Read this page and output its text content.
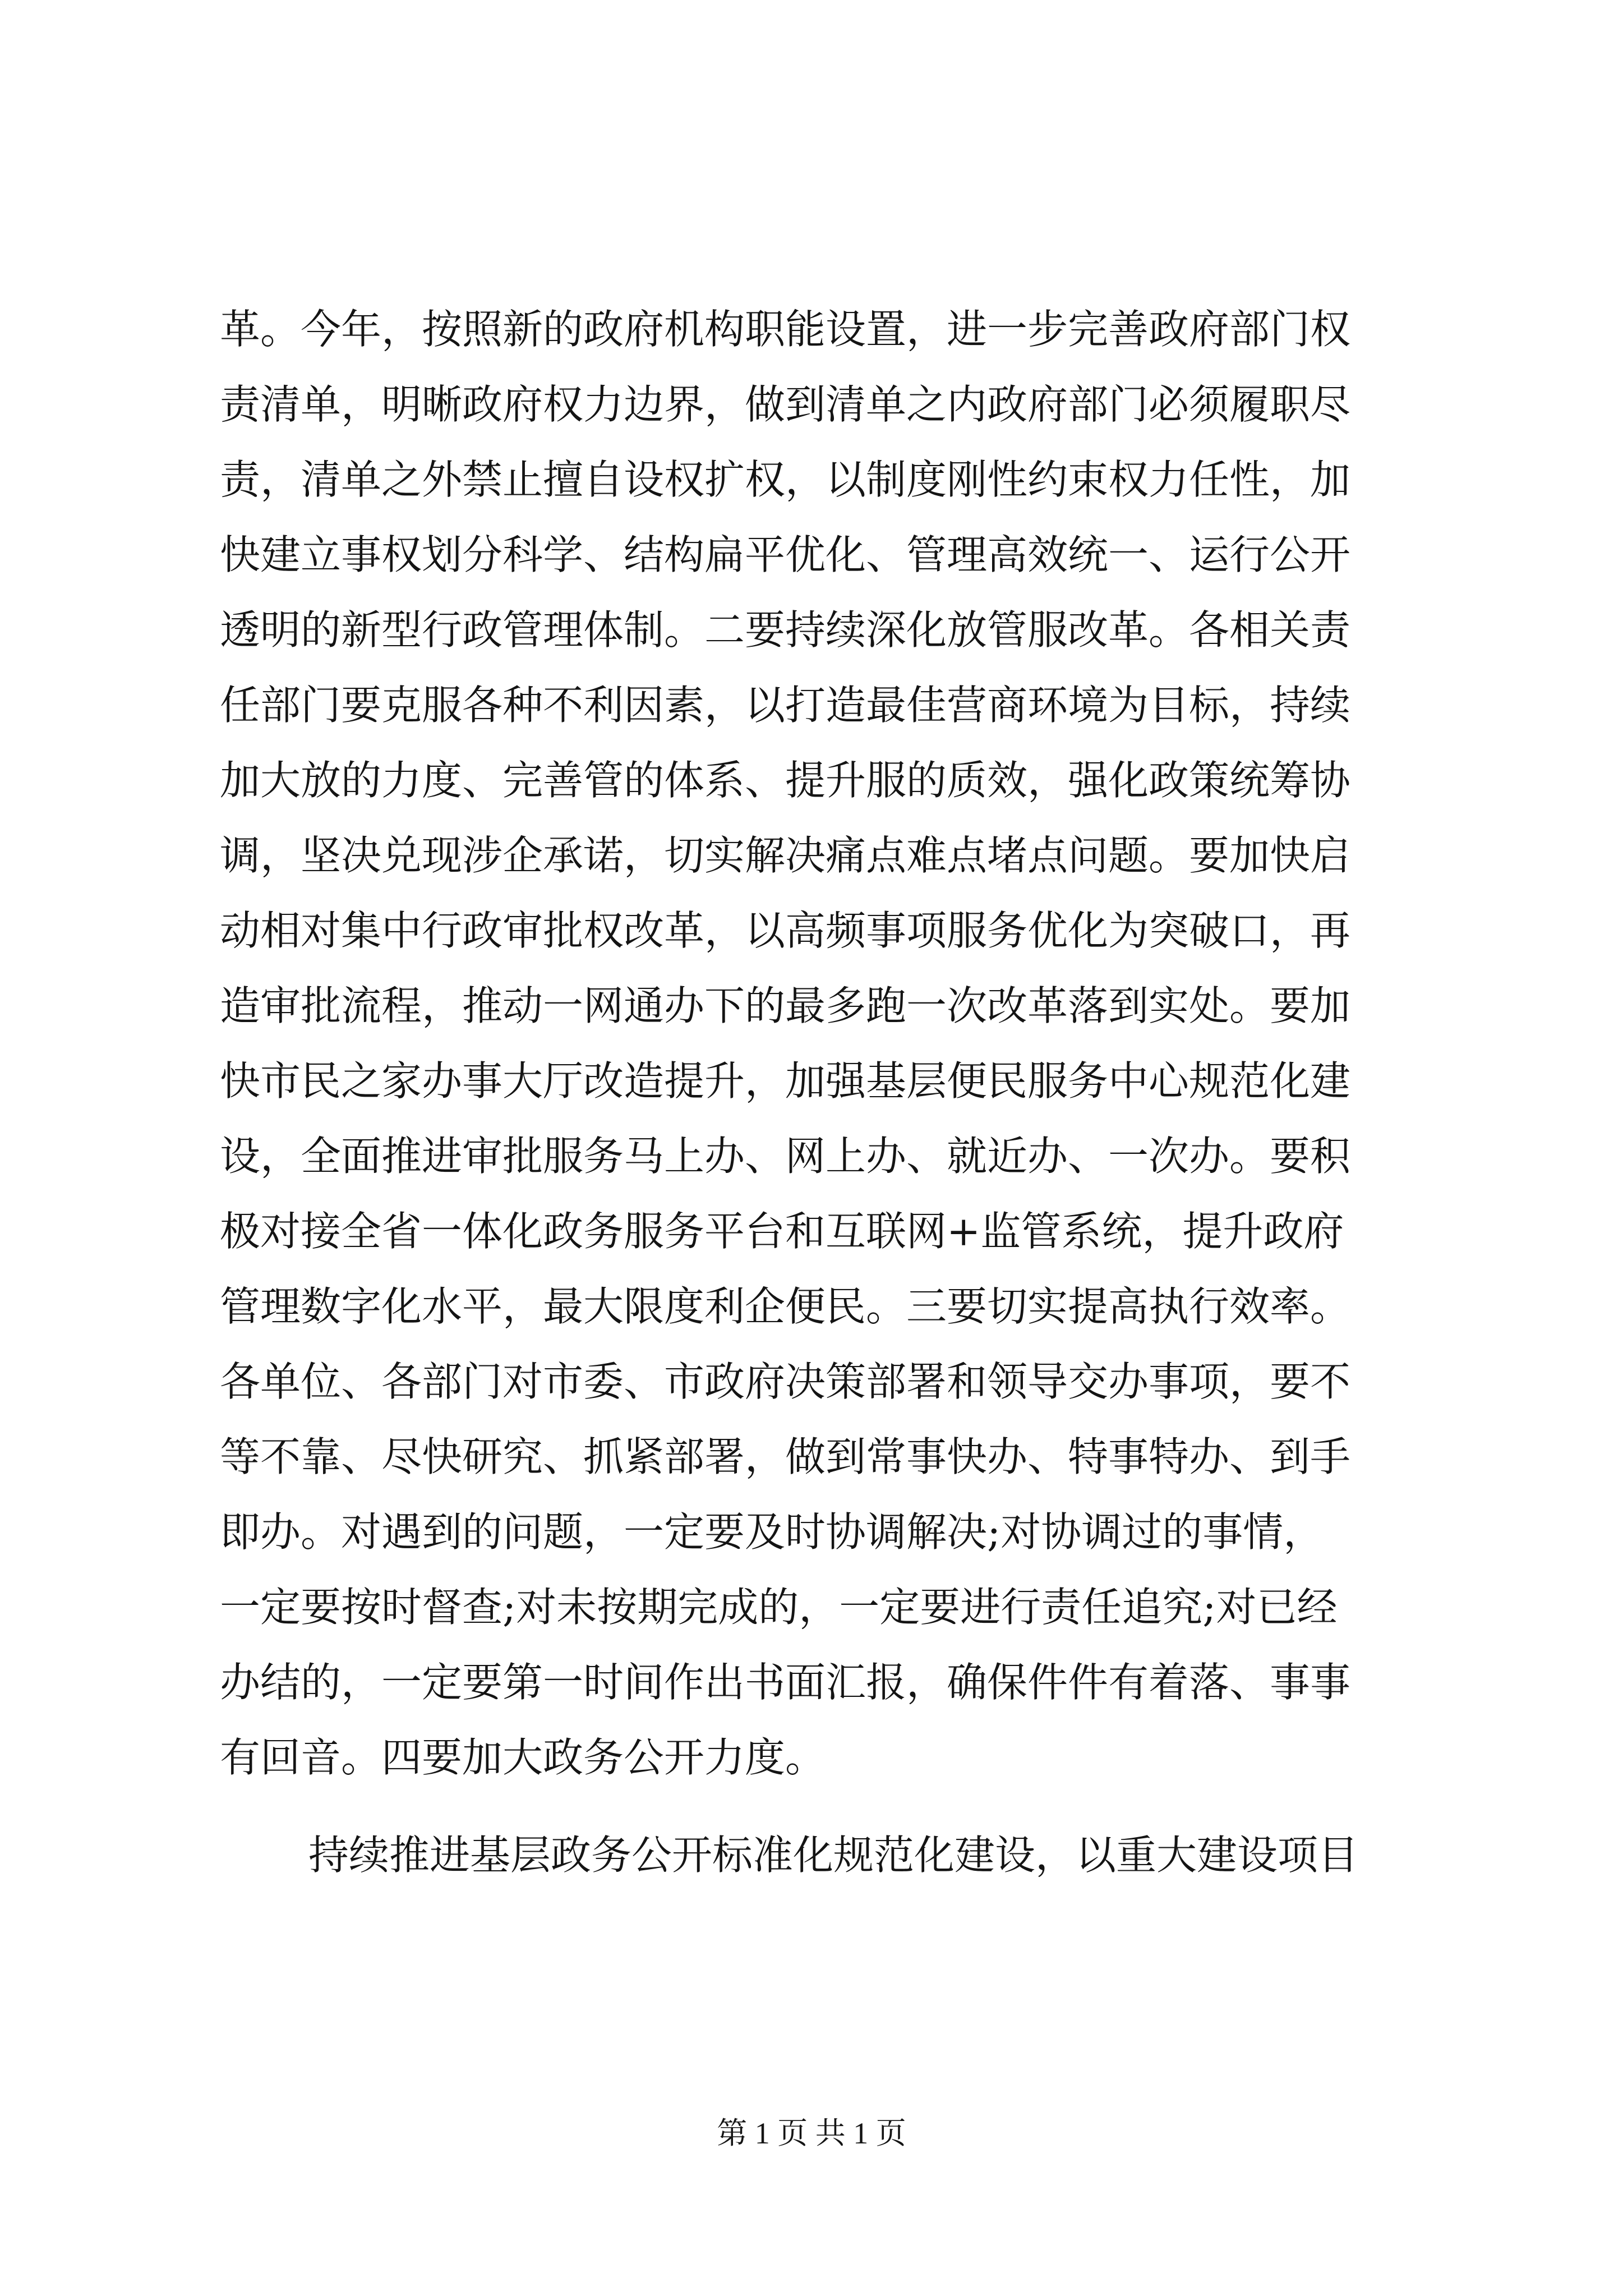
革。今年，按照新的政府机构职能设置，进一步完善政府部门权
责清单，明晰政府权力边界，做到清单之内政府部门必须履职尽
责，清单之外禁止擅自设权扩权，以制度刚性约束权力任性，加
快建立事权划分科学、结构扁平优化、管理高效统一、运行公开
透明的新型行政管理体制。二要持续深化放管服改革。各相关责
任部门要克服各种不利因素，以打造最佳营商环境为目标，持续
加大放的力度、完善管的体系、提升服的质效，强化政策统筹协
调，坚决兑现涉企承诺，切实解决痛点难点堵点问题。要加快启
动相对集中行政审批权改革，以高频事项服务优化为突破口，再
造审批流程，推动一网通办下的最多跑一次改革落到实处。要加
快市民之家办事大厅改造提升，加强基层便民服务中心规范化建
设，全面推进审批服务马上办、网上办、就近办、一次办。要积
极对接全省一体化政务服务平台和互联网+监管系统，提升政府
管理数字化水平，最大限度利企便民。三要切实提高执行效率。
各单位、各部门对市委、市政府决策部署和领导交办事项，要不
等不靠、尽快研究、抓紧部署，做到常事快办、特事特办、到手
即办。对遇到的问题，一定要及时协调解决;对协调过的事情，
一定要按时督查;对未按期完成的，一定要进行责任追究;对已经
办结的，一定要第一时间作出书面汇报，确保件件有着落、事事
有回音。四要加大政务公开力度。
持续推进基层政务公开标准化规范化建设，以重大建设项目
第 1 页 共 1 页
